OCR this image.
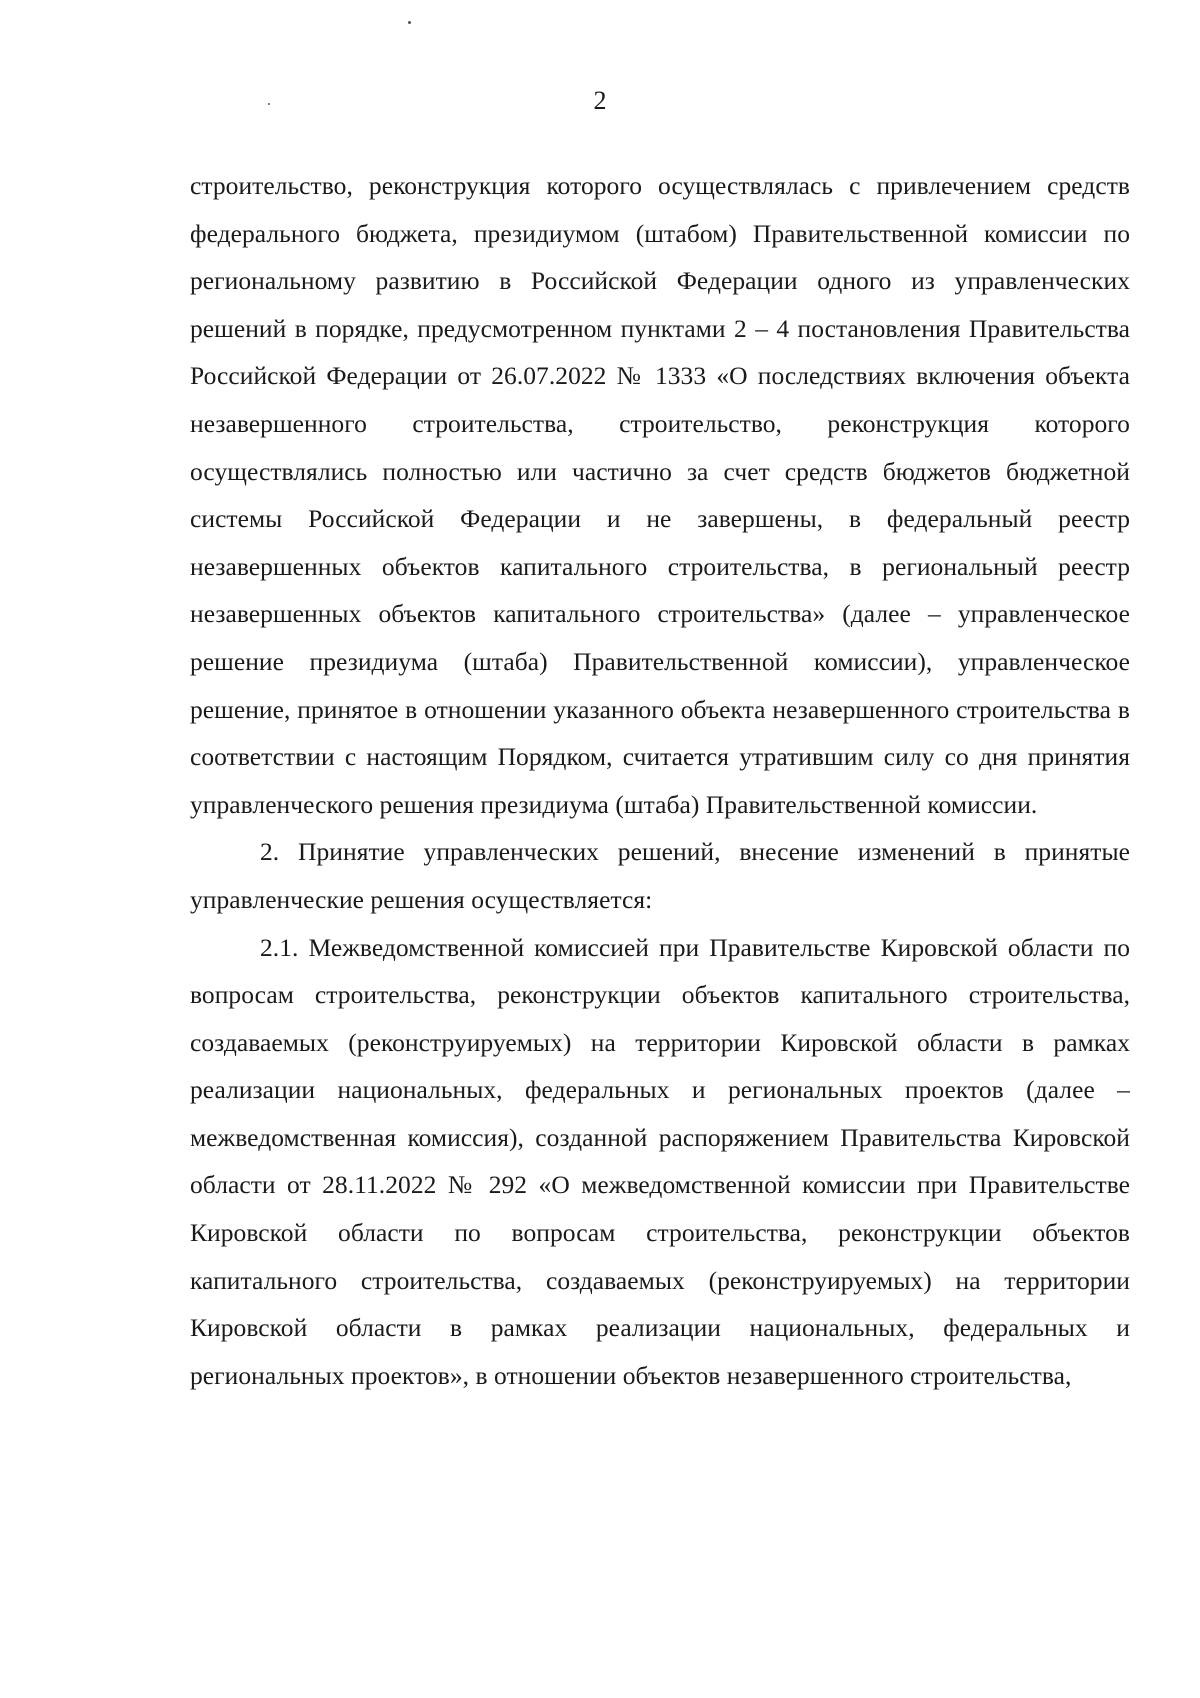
2

строительство, реконструкция которого осуществлялась с привлечением средств федерального бюджета, президиумом (штабом) Правительственной комиссии по региональному развитию в Российской Федерации одного из управленческих решений в порядке, предусмотренном пунктами 2 – 4 постановления Правительства Российской Федерации от 26.07.2022 № 1333 «О последствиях включения объекта незавершенного строительства, строительство, реконструкция которого осуществлялись полностью или частично за счет средств бюджетов бюджетной системы Российской Федерации и не завершены, в федеральный реестр незавершенных объектов капитального строительства, в региональный реестр незавершенных объектов капитального строительства» (далее – управленческое решение президиума (штаба) Правительственной комиссии), управленческое решение, принятое в отношении указанного объекта незавершенного строительства в соответствии с настоящим Порядком, считается утратившим силу со дня принятия управленческого решения президиума (штаба) Правительственной комиссии.

2. Принятие управленческих решений, внесение изменений в принятые управленческие решения осуществляется:

2.1. Межведомственной комиссией при Правительстве Кировской области по вопросам строительства, реконструкции объектов капитального строительства, создаваемых (реконструируемых) на территории Кировской области в рамках реализации национальных, федеральных и региональных проектов (далее – межведомственная комиссия), созданной распоряжением Правительства Кировской области от 28.11.2022 № 292 «О межведомственной комиссии при Правительстве Кировской области по вопросам строительства, реконструкции объектов капитального строительства, создаваемых (реконструируемых) на территории Кировской области в рамках реализации национальных, федеральных и региональных проектов», в отношении объектов незавершенного строительства,
